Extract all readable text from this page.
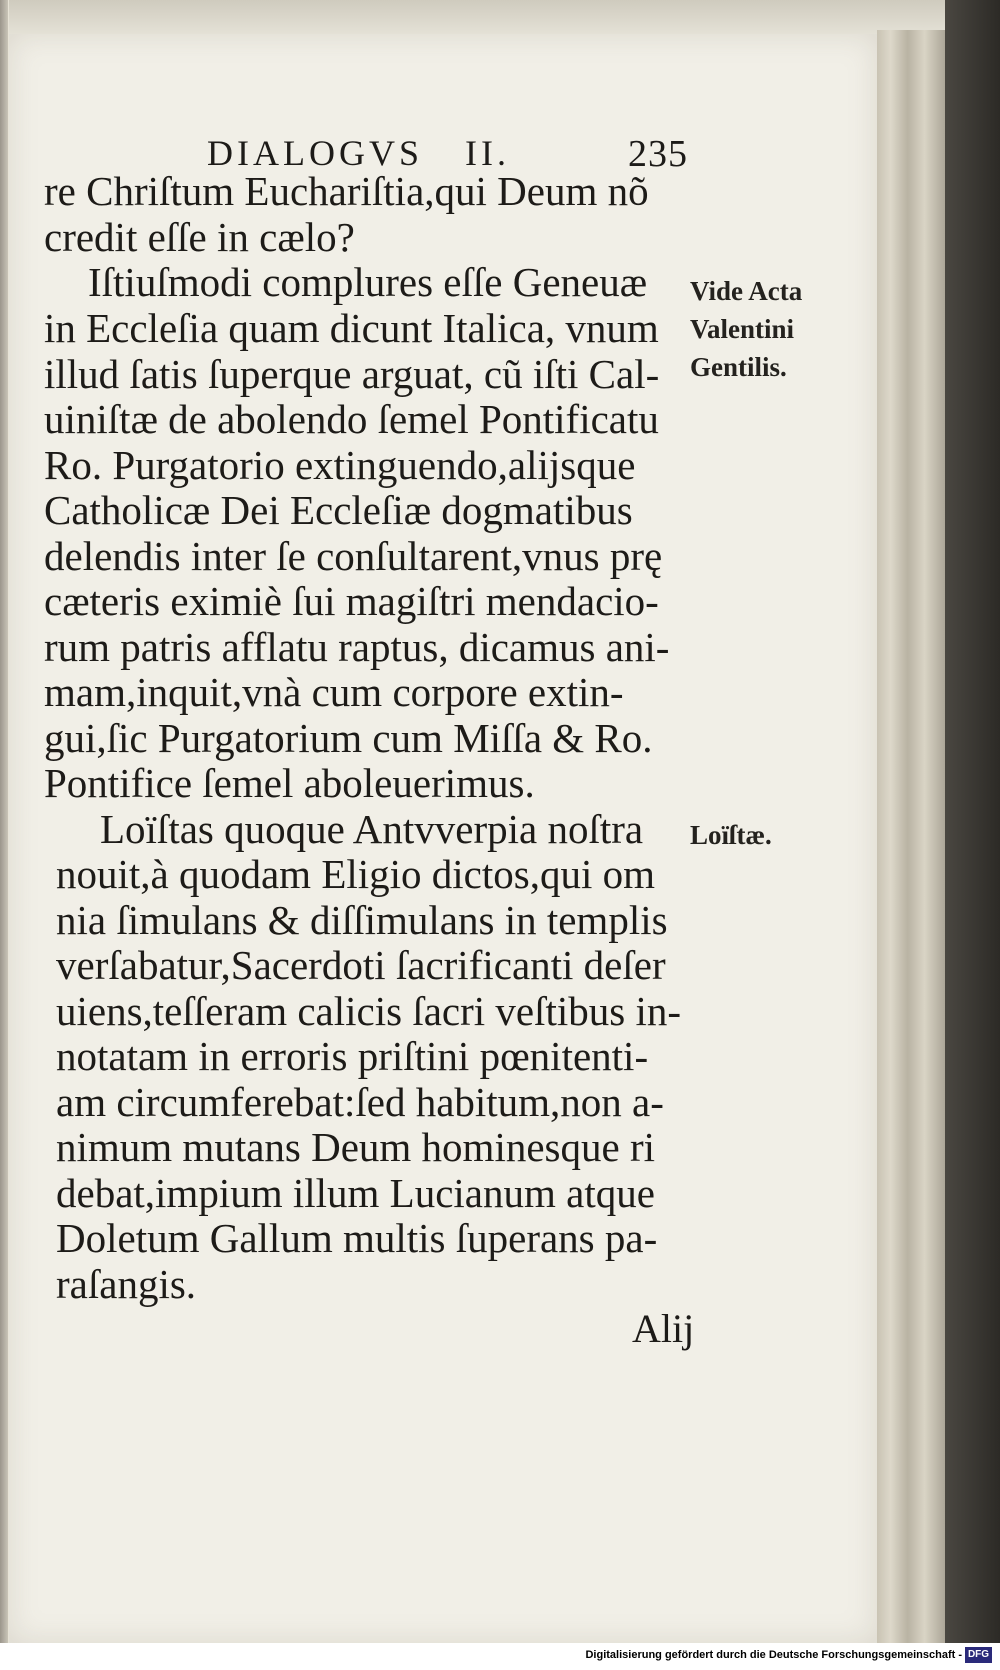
DIALOGVS II.	235
re Chriſtum Euchariſtia,qui Deum nõ
credit eſſe in cælo?
Iſtiuſmodi complures eſſe Geneuæ
in Eccleſia quam dicunt Italica, vnum
illud ſatis ſuperque arguat, cũ iſti Cal-
uiniſtæ de abolendo ſemel Pontificatu
Ro. Purgatorio extinguendo,alijsque
Catholicæ Dei Eccleſiæ dogmatibus
delendis inter ſe conſultarent,vnus prę
cæteris eximiè ſui magiſtri mendacio-
rum patris afflatu raptus, dicamus ani-
mam,inquit,vnà cum corpore extin-
gui,ſic Purgatorium cum Miſſa & Ro.
Pontifice ſemel aboleuerimus.
Loïſtas quoque Antvverpia noſtra
nouit,à quodam Eligio dictos,qui om
nia ſimulans & diſſimulans in templis
verſabatur,Sacerdoti ſacrificanti deſer
uiens,teſſeram calicis ſacri veſtibus in-
notatam in erroris priſtini pœnitenti-
am circumferebat:ſed habitum,non a-
nimum mutans Deum hominesque ri
debat,impium illum Lucianum atque
Doletum Gallum multis ſuperans pa-
raſangis.
Vide Acta
Valentini
Gentilis.
Loïſtæ.
Alij
Digitalisierung gefördert durch die Deutsche Forschungsgemeinschaft - DFG
